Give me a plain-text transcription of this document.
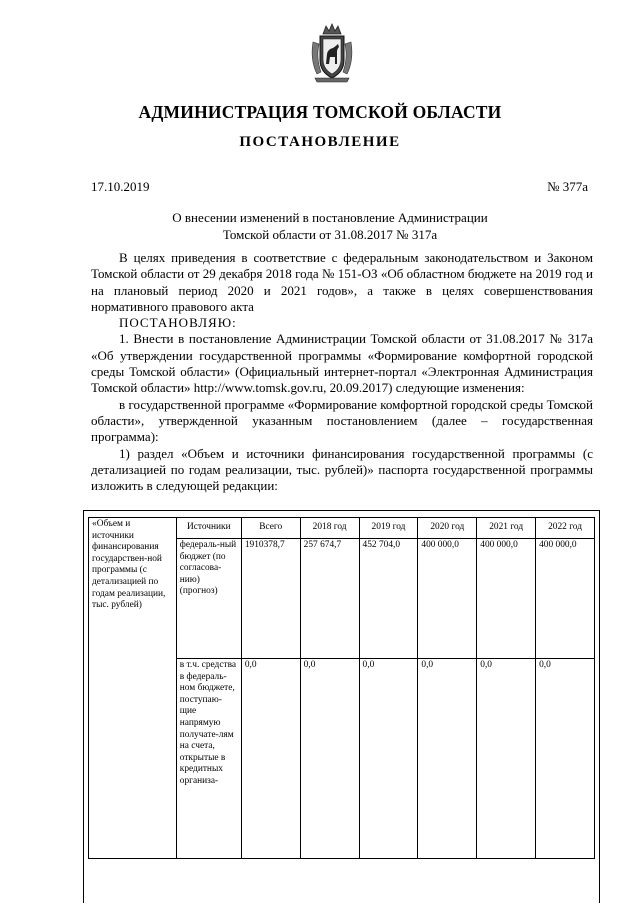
АДМИНИСТРАЦИЯ ТОМСКОЙ ОБЛАСТИ
ПОСТАНОВЛЕНИЕ
17.10.2019	№ 377а
О внесении изменений в постановление Администрации
Томской области от 31.08.2017 № 317а

В целях приведения в соответствие с федеральным законодательством и Законом Томской области от 29 декабря 2018 года № 151-ОЗ «Об областном бюджете на 2019 год и на плановый период 2020 и 2021 годов», а также в целях совершенствования нормативного правового акта

ПОСТАНОВЛЯЮ:

1. Внести в постановление Администрации Томской области от 31.08.2017 № 317а «Об утверждении государственной программы «Формирование комфортной городской среды Томской области» (Официальный интернет-портал «Электронная Администрация Томской области» http://www.tomsk.gov.ru, 20.09.2017) следующие изменения:

в государственной программе «Формирование комфортной городской среды Томской области», утвержденной указанным постановлением (далее – государственная программа):

1) раздел «Объем и источники финансирования государственной программы (с детализацией по годам реализации, тыс. рублей)» паспорта государственной программы изложить в следующей редакции:

«Объем и источники финансирования государствен-ной программы (с детализацией по годам реализации, тыс. рублей)	Источники	Всего	2018 год	2019 год	2020 год	2021 год	2022 год
	федераль-ный бюджет (по согласова-нию) (прогноз)	1910378,7	257 674,7	452 704,0	400 000,0	400 000,0	400 000,0
	в т.ч. средства в федераль-ном бюджете, поступаю-щие напрямую получате-лям на счета, открытые в кредитных организа-	0,0	0,0	0,0	0,0	0,0	0,0
